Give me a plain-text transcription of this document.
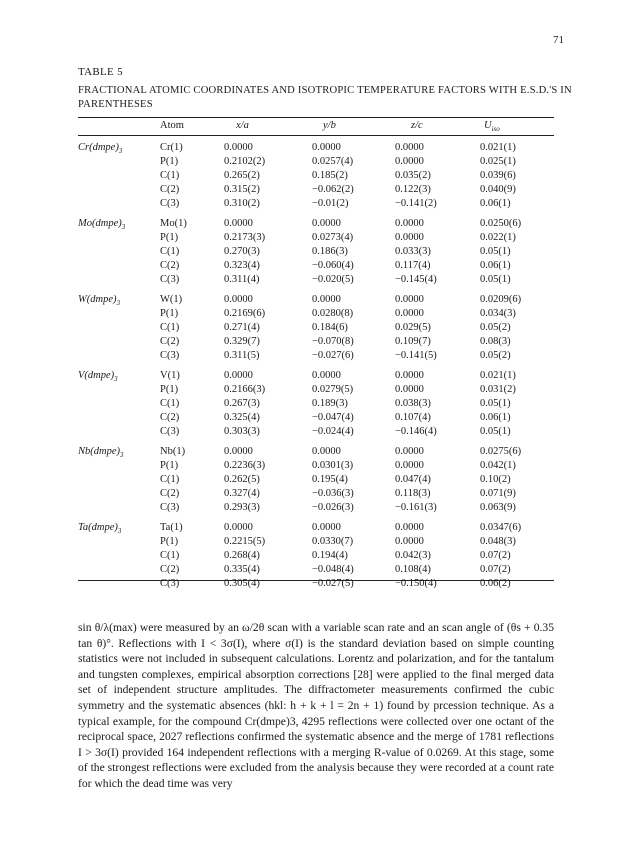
71
TABLE 5
FRACTIONAL ATOMIC COORDINATES AND ISOTROPIC TEMPERATURE FACTORS WITH E.S.D.'S IN PARENTHESES
Atom	x/a	y/b	z/c	$U_{iso}$
$Cr(dmpe)_3$	Cr(1)	0.0000	0.0000	0.0000	0.021(1)
P(1)	0.2102(2)	0.0257(4)	0.0000	0.025(1)
C(1)	0.265(2)	0.185(2)	0.035(2)	0.039(6)
C(2)	0.315(2)	−0.062(2)	0.122(3)	0.040(9)
C(3)	0.310(2)	−0.01(2)	−0.141(2)	0.06(1)
$Mo(dmpe)_3$	Mo(1)	0.0000	0.0000	0.0000	0.0250(6)
P(1)	0.2173(3)	0.0273(4)	0.0000	0.022(1)
C(1)	0.270(3)	0.186(3)	0.033(3)	0.05(1)
C(2)	0.323(4)	−0.060(4)	0.117(4)	0.06(1)
C(3)	0.311(4)	−0.020(5)	−0.145(4)	0.05(1)
$W(dmpe)_3$	W(1)	0.0000	0.0000	0.0000	0.0209(6)
P(1)	0.2169(6)	0.0280(8)	0.0000	0.034(3)
C(1)	0.271(4)	0.184(6)	0.029(5)	0.05(2)
C(2)	0.329(7)	−0.070(8)	0.109(7)	0.08(3)
C(3)	0.311(5)	−0.027(6)	−0.141(5)	0.05(2)
$V(dmpe)_3$	V(1)	0.0000	0.0000	0.0000	0.021(1)
P(1)	0.2166(3)	0.0279(5)	0.0000	0.031(2)
C(1)	0.267(3)	0.189(3)	0.038(3)	0.05(1)
C(2)	0.325(4)	−0.047(4)	0.107(4)	0.06(1)
C(3)	0.303(3)	−0.024(4)	−0.146(4)	0.05(1)
$Nb(dmpe)_3$	Nb(1)	0.0000	0.0000	0.0000	0.0275(6)
P(1)	0.2236(3)	0.0301(3)	0.0000	0.042(1)
C(1)	0.262(5)	0.195(4)	0.047(4)	0.10(2)
C(2)	0.327(4)	−0.036(3)	0.118(3)	0.071(9)
C(3)	0.293(3)	−0.026(3)	−0.161(3)	0.063(9)
$Ta(dmpe)_3$	Ta(1)	0.0000	0.0000	0.0000	0.0347(6)
P(1)	0.2215(5)	0.0330(7)	0.0000	0.048(3)
C(1)	0.268(4)	0.194(4)	0.042(3)	0.07(2)
C(2)	0.335(4)	−0.048(4)	0.108(4)	0.07(2)
C(3)	0.305(4)	−0.027(5)	−0.150(4)	0.06(2)

sin θ/λ(max) were measured by an ω/2θ scan with a variable scan rate and an scan angle of (θs + 0.35 tan θ)°. Reflections with I < 3σ(I), where σ(I) is the standard deviation based on simple counting statistics were not included in subsequent calculations. Lorentz and polarization, and for the tantalum and tungsten complexes, empirical absorption corrections [28] were applied to the final merged data set of independent structure amplitudes. The diffractometer measurements confirmed the cubic symmetry and the systematic absences (hkl: h + k + l = 2n + 1) found by prcession technique. As a typical example, for the compound Cr(dmpe)3, 4295 reflections were collected over one octant of the reciprocal space, 2027 reflections confirmed the systematic absence and the merge of 1781 reflections I > 3σ(I) provided 164 independent reflections with a merging R-value of 0.0269. At this stage, some of the strongest reflections were excluded from the analysis because they were recorded at a count rate for which the dead time was very
